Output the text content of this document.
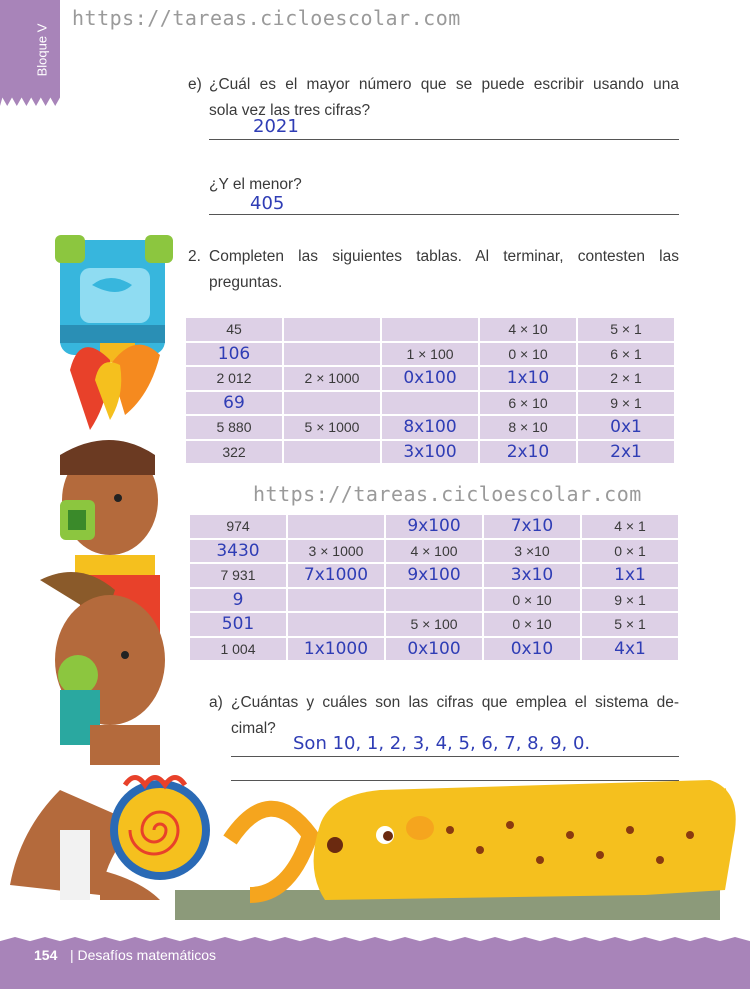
https://tareas.cicloescolar.com
https://tareas.cicloescolar.com
Bloque V
e) ¿Cuál es el mayor número que se puede escribir usando una
sola vez las tres cifras?
2021
¿Y el menor?
405
2. Completen las siguientes tablas. Al terminar, contesten las
preguntas.
45			4 × 10	5 × 1
106		1 × 100	0 × 10	6 × 1
2 012	2 × 1000	0x100	1x10	2 × 1
69			6 × 10	9 × 1
5 880	5 × 1000	8x100	8 × 10	0x1
322		3x100	2x10	2x1
974		9x100	7x10	4 × 1
3430	3 × 1000	4 × 100	3 ×10	0 × 1
7 931	7x1000	9x100	3x10	1x1
9			0 × 10	9 × 1
501		5 × 100	0 × 10	5 × 1
1 004	1x1000	0x100	0x10	4x1
a) ¿Cuántas y cuáles son las cifras que emplea el sistema de-
cimal?
Son 10, 1, 2, 3, 4, 5, 6, 7, 8, 9, 0.
154 | Desafíos matemáticos
